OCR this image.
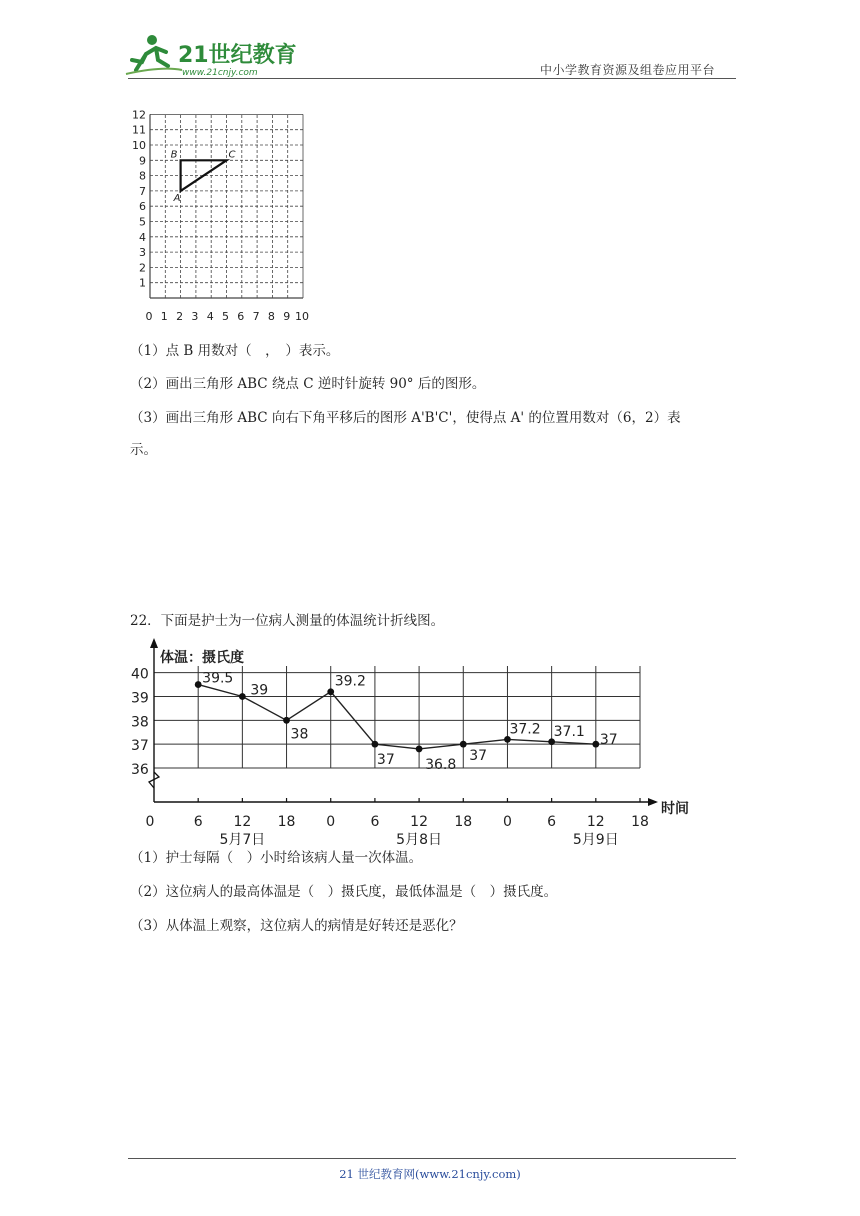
21世纪教育
www.21cnjy.com	中小学教育资源及组卷应用平台
1
2
3
4
5
6
7
8
9
10
11
12
0 1 2 3 4 5 6 7 8 9 10
A
B	C
（1）点 B 用数对（　，　）表示。
（2）画出三角形 ABC 绕点 C 逆时针旋转 90° 后的图形。
（3）画出三角形 ABC 向右下角平移后的图形 A'B'C'，使得点 A' 的位置用数对（6，2）表
示。
22．下面是护士为一位病人测量的体温统计折线图。
36
37
38
39
40
0	6 12 18 0	6 12 18 0	6 12 18
5月7日	5月8日	5月9日
39.5
39
38
39.2
37 36.8
37
37.2 37.1
37
体温：摄氏度
时间
（1）护士每隔（　）小时给该病人量一次体温。
（2）这位病人的最高体温是（　）摄氏度，最低体温是（　）摄氏度。
（3）从体温上观察，这位病人的病情是好转还是恶化？
21 世纪教育网(www.21cnjy.com)
